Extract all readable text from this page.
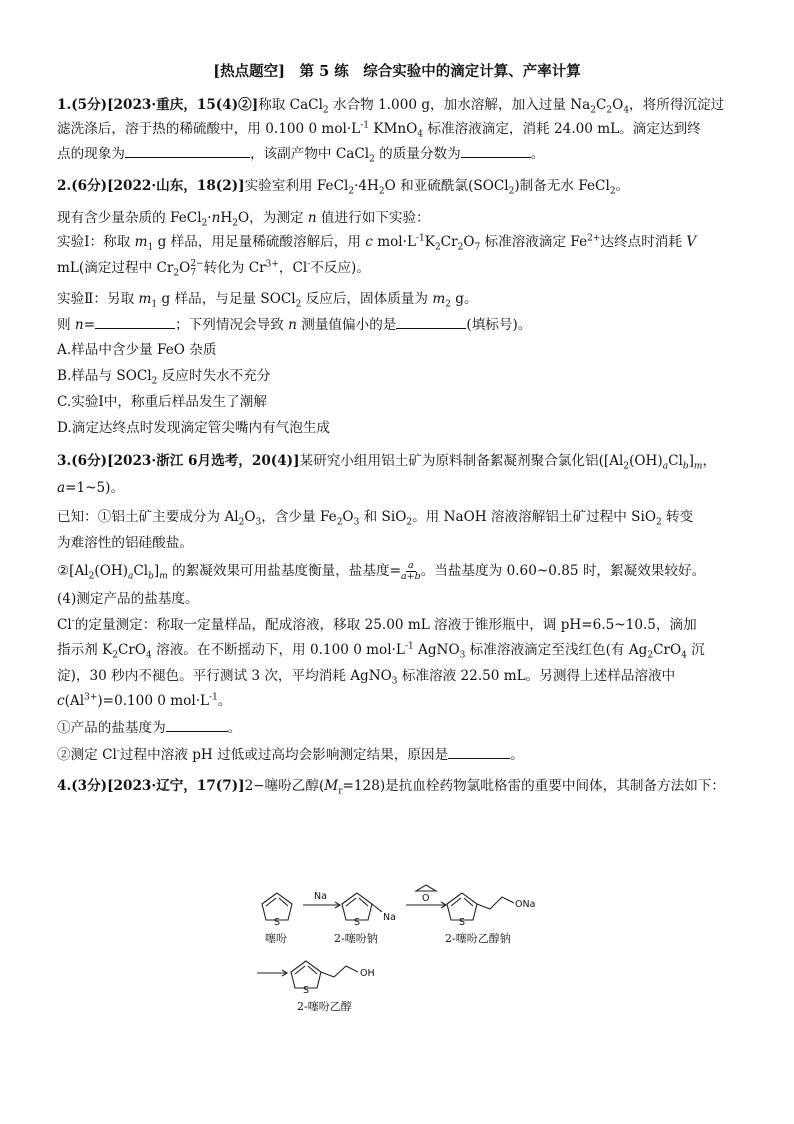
[热点题空]　第 5 练　综合实验中的滴定计算、产率计算
1.(5分)[2023·重庆，15(4)②]称取 CaCl$_2$ 水合物 1.000 g，加水溶解，加入过量 $Na_2C_2O_4$，将所得沉淀过
滤洗涤后，溶于热的稀硫酸中，用 0.100 0 $mol\cdot L^{-1}$ KMnO$_4$ 标准溶液滴定，消耗 24.00 mL。滴定达到终
点的现象为	，该副产物中 CaCl$_2$ 的质量分数为	。
2.(6分)[2022·山东，18(2)]实验室利用 $FeCl_2\cdot 4H_2O$ 和亚硫酰氯(SOCl$_2$)制备无水 FeCl$_2$。
现有含少量杂质的 $FeCl_2\cdot nH_2O$，为测定 n 值进行如下实验：
实验Ⅰ：称取 $m_1$ g 样品，用足量稀硫酸溶解后，用 c $mol\cdot L^{-1}K_2Cr_2O_7$ 标准溶液滴定 $Fe^{2+}$达终点时消耗 V
mL(滴定过程中 $Cr_2O$ 2−
7 转化为 $Cr^{3+}$，Cl-不反应)。
实验Ⅱ：另取 $m_1$ g 样品，与足量 SOCl$_2$ 反应后，固体质量为 $m_2$ g。
则 n=	；下列情况会导致 n 测量值偏小的是	(填标号)。
A.样品中含少量 FeO 杂质
B.样品与 SOCl$_2$ 反应时失水不充分
C.实验Ⅰ中，称重后样品发生了潮解
D.滴定达终点时发现滴定管尖嘴内有气泡生成
3.(6分)[2023·浙江 6月选考，20(4)]某研究小组用铝土矿为原料制备絮凝剂聚合氯化铝($[Al_2(OH)_aCl_b]_m$，
a=1~5)。
已知：①铝土矿主要成分为 $Al_2O_3$，含少量 $Fe_2O_3$ 和 SiO$_2$。用 NaOH 溶液溶解铝土矿过程中 SiO$_2$ 转变
为难溶性的铝硅酸盐。
$②[Al_2(OH)_aCl_b]_m$ 的絮凝效果可用盐基度衡量，盐基度= $\frac{a}{a+b}$ 。当盐基度为 0.60~0.85 时，絮凝效果较好。
(4)测定产品的盐基度。
Cl-的定量测定：称取一定量样品，配成溶液，移取 25.00 mL 溶液于锥形瓶中，调 pH=6.5~10.5，滴加
指示剂 $K_2CrO_4$ 溶液。在不断摇动下，用 0.100 0 $mol\cdot L^{-1}$ AgNO$_3$ 标准溶液滴定至浅红色(有 $Ag_2CrO_4$ 沉
淀)，30 秒内不褪色。平行测试 3 次，平均消耗 AgNO$_3$ 标准溶液 22.50 mL。另测得上述样品溶液中
$c(Al^{3+})=0.100$ 0 $mol\cdot L^{-1}$。
①产品的盐基度为	。
②测定 Cl-过程中溶液 pH 过低或过高均会影响测定结果，原因是	。
4.(3分)[2023·辽宁，17(7)]2−噻吩乙醇$(M_r=128)$是抗血栓药物氯吡格雷的重要中间体，其制备方法如下：
S
Na
S Na
O
S
ONa
S
OH
噻吩	2-噻吩钠	2-噻吩乙醇钠
2-噻吩乙醇
